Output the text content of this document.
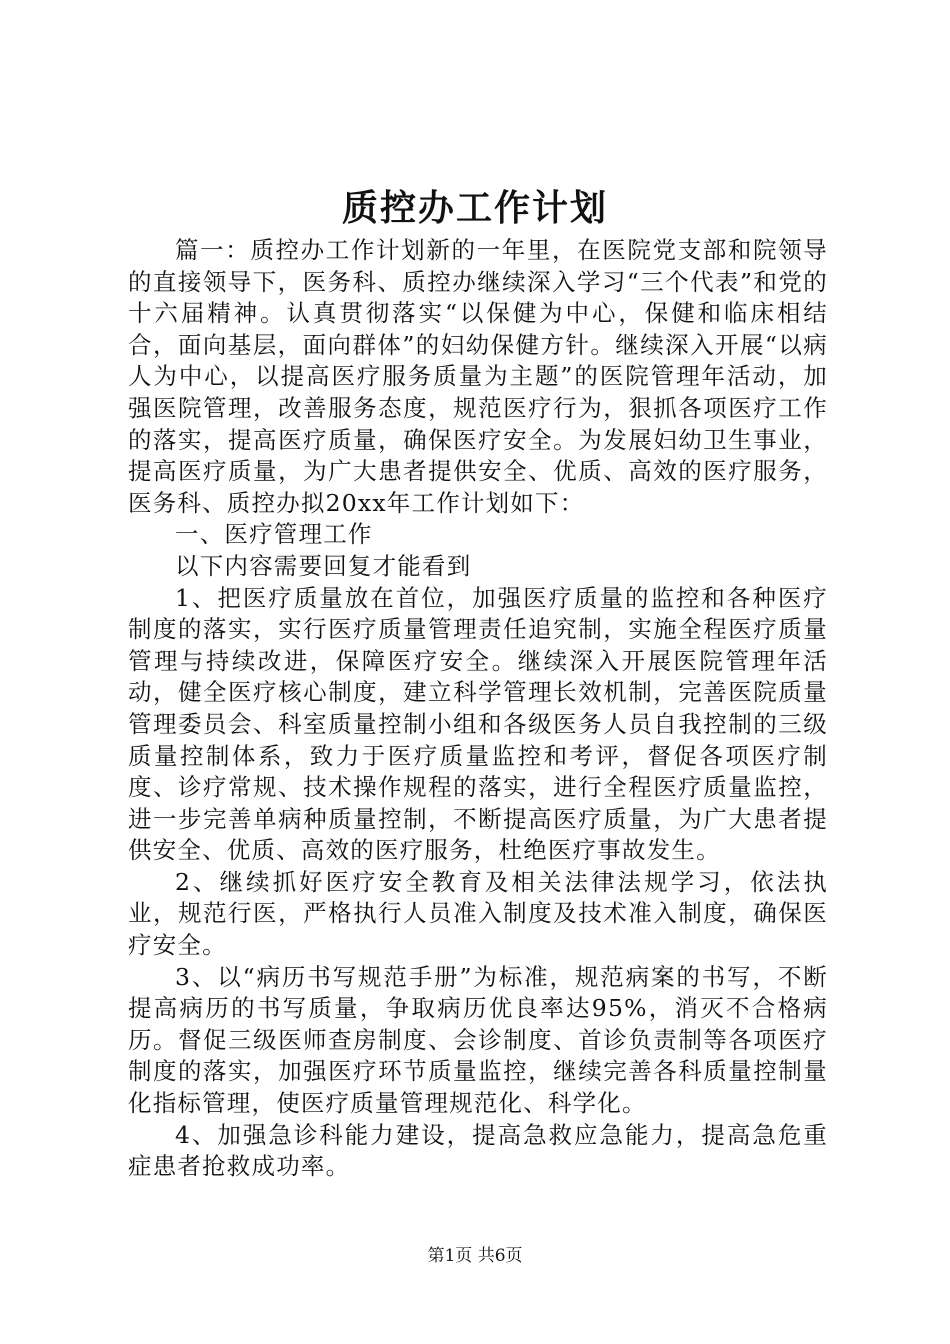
质控办工作计划

篇一：质控办工作计划新的一年里，在医院党支部和院领导的直接领导下，医务科、质控办继续深入学习“三个代表”和党的十六届精神。认真贯彻落实“以保健为中心，保健和临床相结合，面向基层，面向群体”的妇幼保健方针。继续深入开展“以病人为中心，以提高医疗服务质量为主题”的医院管理年活动，加强医院管理，改善服务态度，规范医疗行为，狠抓各项医疗工作的落实，提高医疗质量，确保医疗安全。为发展妇幼卫生事业，提高医疗质量，为广大患者提供安全、优质、高效的医疗服务，医务科、质控办拟20xx年工作计划如下：

一、医疗管理工作

以下内容需要回复才能看到

1、把医疗质量放在首位，加强医疗质量的监控和各种医疗制度的落实，实行医疗质量管理责任追究制，实施全程医疗质量管理与持续改进，保障医疗安全。继续深入开展医院管理年活动，健全医疗核心制度，建立科学管理长效机制，完善医院质量管理委员会、科室质量控制小组和各级医务人员自我控制的三级质量控制体系，致力于医疗质量监控和考评，督促各项医疗制度、诊疗常规、技术操作规程的落实，进行全程医疗质量监控，进一步完善单病种质量控制，不断提高医疗质量，为广大患者提供安全、优质、高效的医疗服务，杜绝医疗事故发生。

2、继续抓好医疗安全教育及相关法律法规学习，依法执业，规范行医，严格执行人员准入制度及技术准入制度，确保医疗安全。

3、以“病历书写规范手册”为标准，规范病案的书写，不断提高病历的书写质量，争取病历优良率达95%，消灭不合格病历。督促三级医师查房制度、会诊制度、首诊负责制等各项医疗制度的落实，加强医疗环节质量监控，继续完善各科质量控制量化指标管理，使医疗质量管理规范化、科学化。

4、加强急诊科能力建设，提高急救应急能力，提高急危重症患者抢救成功率。

第1页 共6页
